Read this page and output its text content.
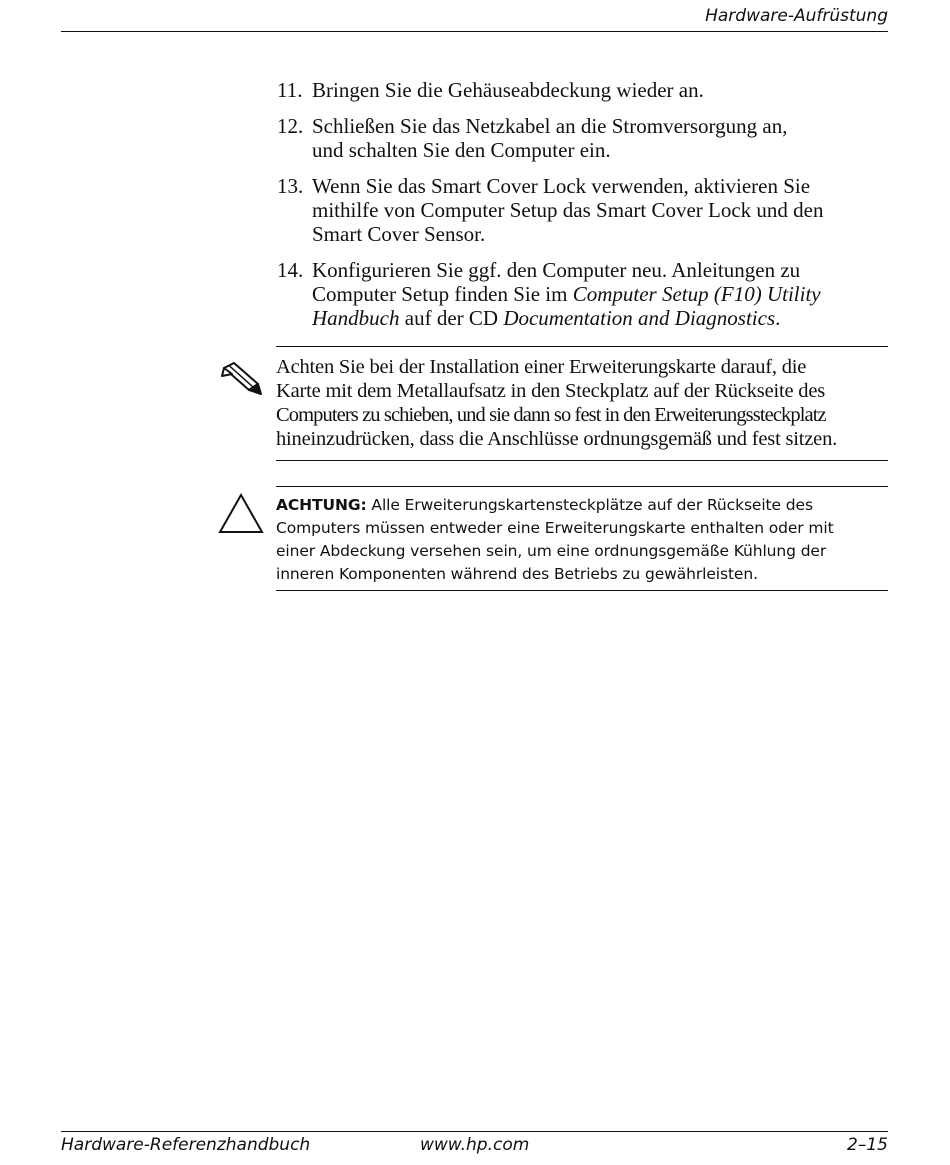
Hardware-Aufrüstung
11. Bringen Sie die Gehäuseabdeckung wieder an.
12. Schließen Sie das Netzkabel an die Stromversorgung an,
und schalten Sie den Computer ein.
13. Wenn Sie das Smart Cover Lock verwenden, aktivieren Sie
mithilfe von Computer Setup das Smart Cover Lock und den
Smart Cover Sensor.
14. Konfigurieren Sie ggf. den Computer neu. Anleitungen zu
Computer Setup finden Sie im Computer Setup (F10) Utility
Handbuch auf der CD Documentation and Diagnostics.
Achten Sie bei der Installation einer Erweiterungskarte darauf, die
Karte mit dem Metallaufsatz in den Steckplatz auf der Rückseite des
Computers zu schieben, und sie dann so fest in den Erweiterungssteckplatz
hineinzudrücken, dass die Anschlüsse ordnungsgemäß und fest sitzen.
ACHTUNG: Alle Erweiterungskartensteckplätze auf der Rückseite des
Computers müssen entweder eine Erweiterungskarte enthalten oder mit
einer Abdeckung versehen sein, um eine ordnungsgemäße Kühlung der
inneren Komponenten während des Betriebs zu gewährleisten.
Hardware-Referenzhandbuch	www.hp.com	2–15
